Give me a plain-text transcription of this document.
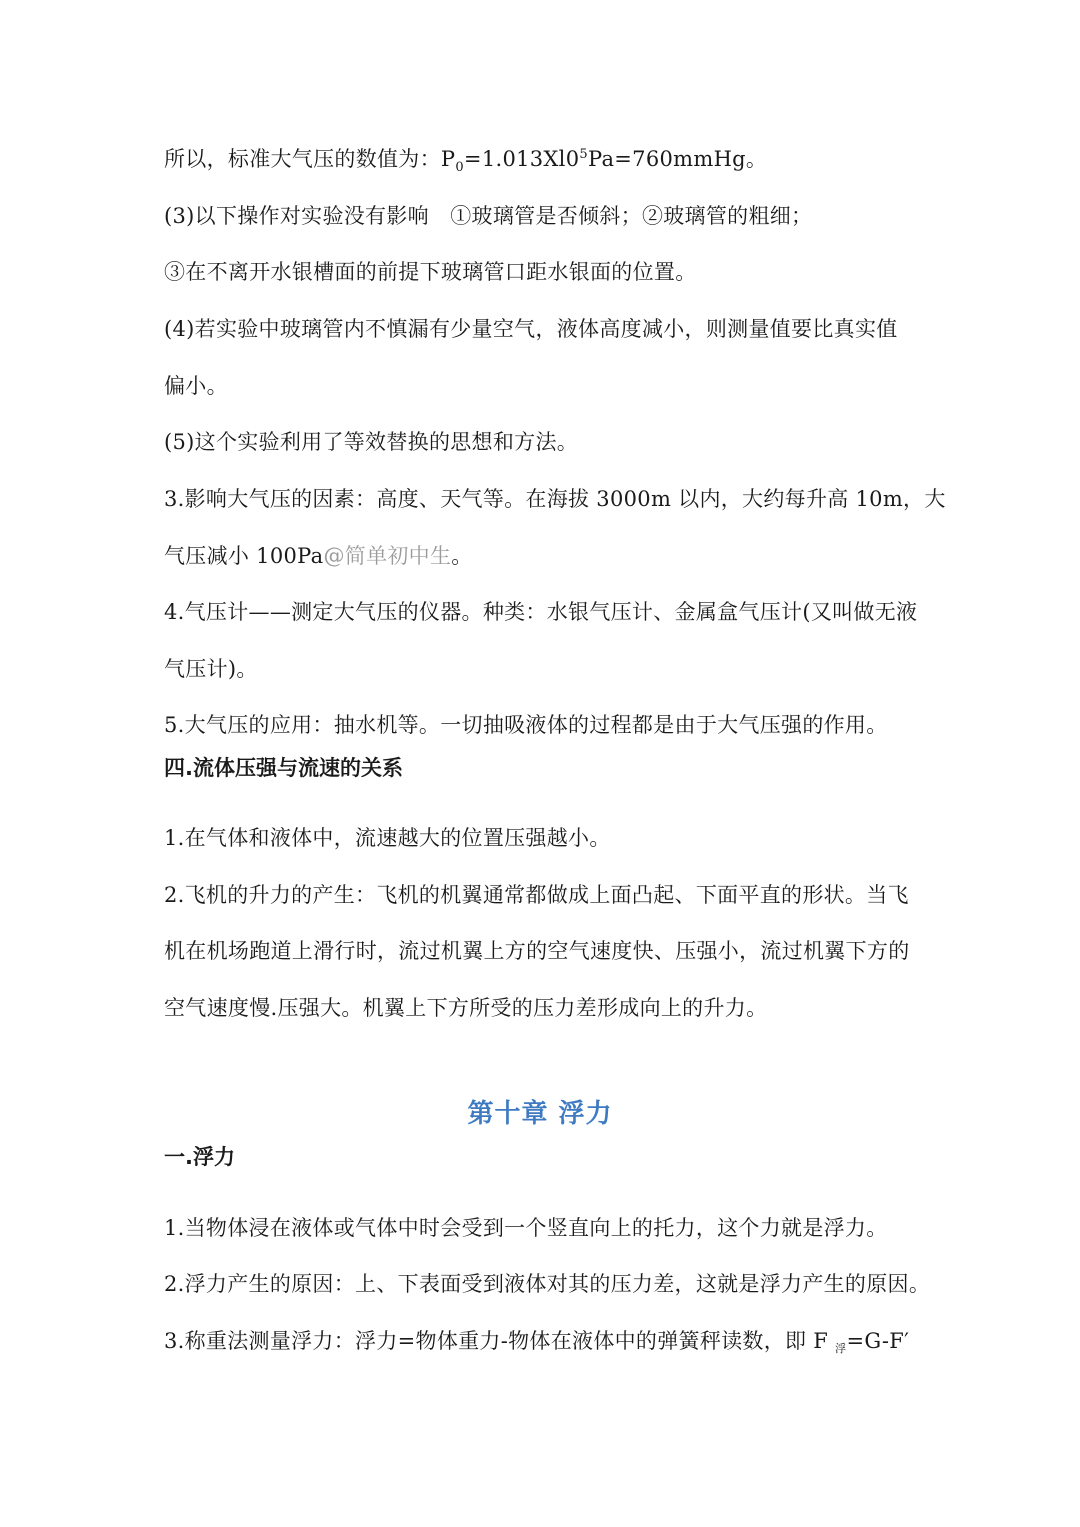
所以，标准大气压的数值为：$P_0=1.013Xl0^5Pa=760mmHg$。
(3)以下操作对实验没有影响　①玻璃管是否倾斜；②玻璃管的粗细；
③在不离开水银槽面的前提下玻璃管口距水银面的位置。
(4)若实验中玻璃管内不慎漏有少量空气，液体高度减小，则测量值要比真实值
偏小。
(5)这个实验利用了等效替换的思想和方法。
3.影响大气压的因素：高度、天气等。在海拔 3000m 以内，大约每升高 10m，大
气压减小 100Pa@简单初中生。
4.气压计——测定大气压的仪器。种类：水银气压计、金属盒气压计(又叫做无液
气压计)。
5.大气压的应用：抽水机等。一切抽吸液体的过程都是由于大气压强的作用。
四.流体压强与流速的关系
1.在气体和液体中，流速越大的位置压强越小。
2.飞机的升力的产生：飞机的机翼通常都做成上面凸起、下面平直的形状。当飞
机在机场跑道上滑行时，流过机翼上方的空气速度快、压强小，流过机翼下方的
空气速度慢.压强大。机翼上下方所受的压力差形成向上的升力。
第十章 浮力
一.浮力
1.当物体浸在液体或气体中时会受到一个竖直向上的托力，这个力就是浮力。
2.浮力产生的原因：上、下表面受到液体对其的压力差，这就是浮力产生的原因。
3.称重法测量浮力：浮力=物体重力-物体在液体中的弹簧秤读数，即 F 浮=G-F′
